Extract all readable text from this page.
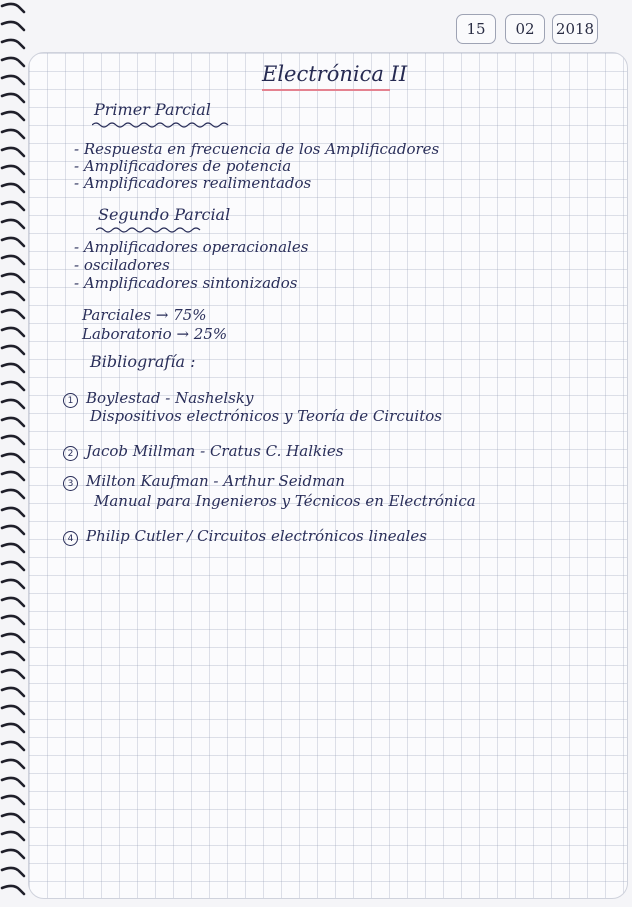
15	02	2018
Electrónica II
Primer Parcial
- Respuesta en frecuencia de los Amplificadores
- Amplificadores de potencia
- Amplificadores realimentados
Segundo Parcial
- Amplificadores operacionales
- osciladores
- Amplificadores sintonizados
Parciales → 75%
Laboratorio → 25%
Bibliografía :
1 Boylestad - Nashelsky
Dispositivos electrónicos y Teoría de Circuitos
2 Jacob Millman - Cratus C. Halkies
3 Milton Kaufman - Arthur Seidman
Manual para Ingenieros y Técnicos en Electrónica
4 Philip Cutler / Circuitos electrónicos lineales
